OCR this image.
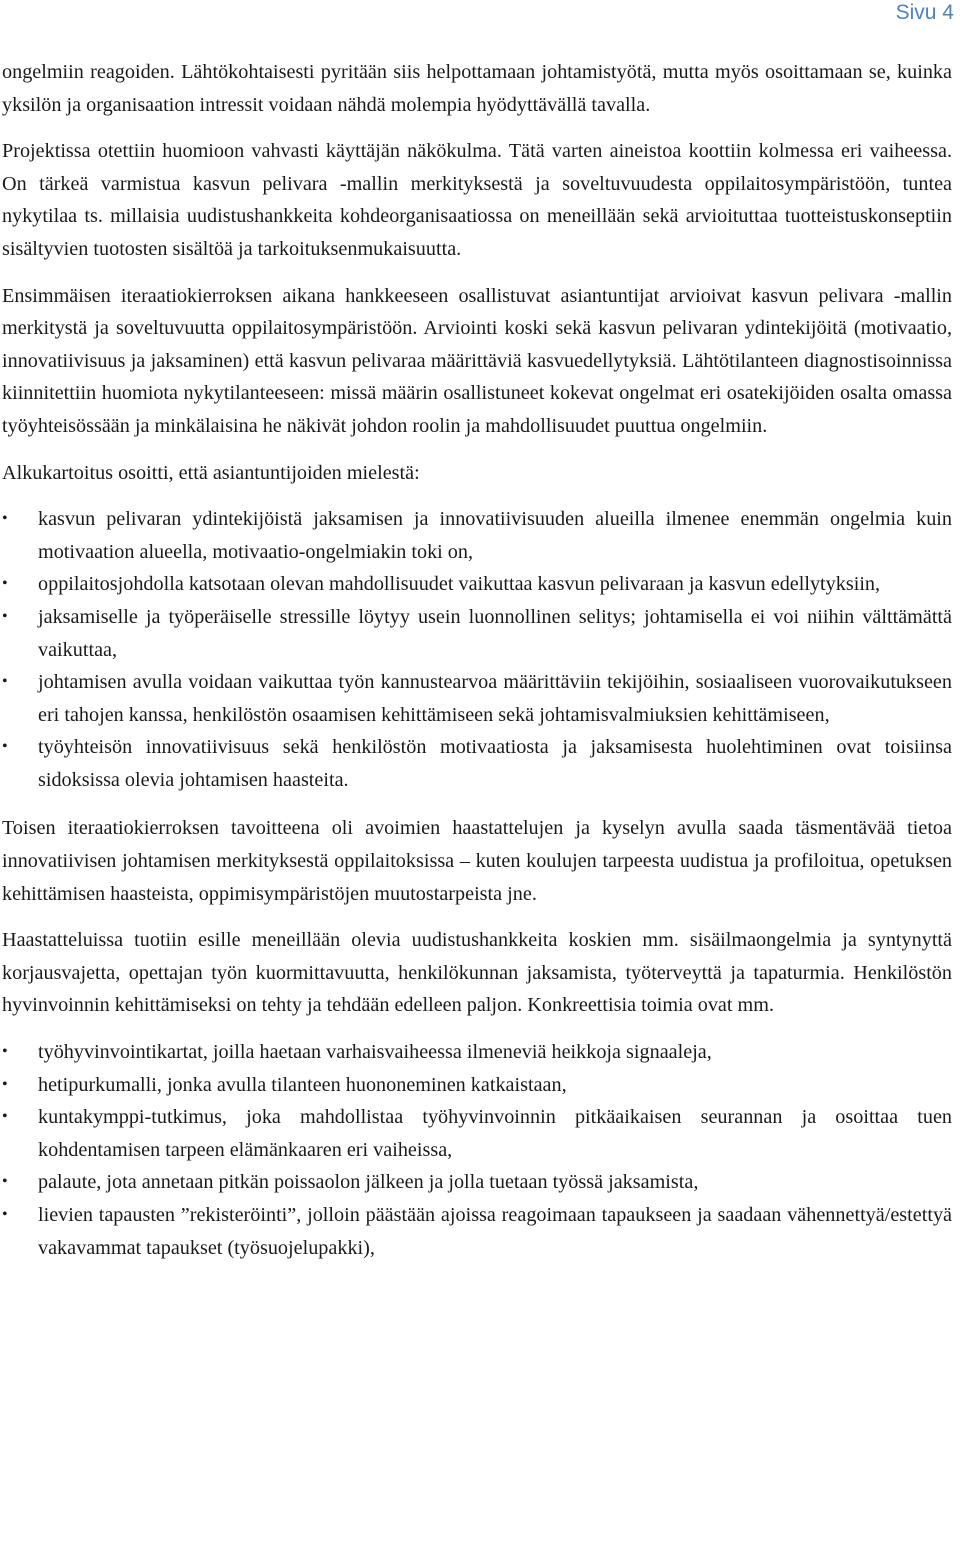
Sivu 4

ongelmiin reagoiden. Lähtökohtaisesti pyritään siis helpottamaan johtamistyötä, mutta myös osoittamaan se, kuinka yksilön ja organisaation intressit voidaan nähdä molempia hyödyttävällä tavalla.

Projektissa otettiin huomioon vahvasti käyttäjän näkökulma. Tätä varten aineistoa koottiin kolmessa eri vaiheessa. On tärkeä varmistua kasvun pelivara -mallin merkityksestä ja soveltuvuudesta oppilaitosympäristöön, tuntea nykytilaa ts. millaisia uudistushankkeita kohdeorganisaatiossa on meneillään sekä arvioituttaa tuotteistuskonseptiin sisältyvien tuotosten sisältöä ja tarkoituksenmukaisuutta.

Ensimmäisen iteraatiokierroksen aikana hankkeeseen osallistuvat asiantuntijat arvioivat kasvun pelivara -mallin merkitystä ja soveltuvuutta oppilaitosympäristöön. Arviointi koski sekä kasvun pelivaran ydintekijöitä (motivaatio, innovatiivisuus ja jaksaminen) että kasvun pelivaraa määrittäviä kasvuedellytyksiä. Lähtötilanteen diagnostisoinnissa kiinnitettiin huomiota nykytilanteeseen: missä määrin osallistuneet kokevat ongelmat eri osatekijöiden osalta omassa työyhteisössään ja minkälaisina he näkivät johdon roolin ja mahdollisuudet puuttua ongelmiin.

Alkukartoitus osoitti, että asiantuntijoiden mielestä:

•	kasvun pelivaran ydintekijöistä jaksamisen ja innovatiivisuuden alueilla ilmenee enemmän ongelmia kuin motivaation alueella, motivaatio-ongelmiakin toki on,
•	oppilaitosjohdolla katsotaan olevan mahdollisuudet vaikuttaa kasvun pelivaraan ja kasvun edellytyksiin,
•	jaksamiselle ja työperäiselle stressille löytyy usein luonnollinen selitys; johtamisella ei voi niihin välttämättä vaikuttaa,
•	johtamisen avulla voidaan vaikuttaa työn kannustearvoa määrittäviin tekijöihin, sosiaaliseen vuorovaikutukseen eri tahojen kanssa, henkilöstön osaamisen kehittämiseen sekä johtamisvalmiuksien kehittämiseen,
•	työyhteisön innovatiivisuus sekä henkilöstön motivaatiosta ja jaksamisesta huolehtiminen ovat toisiinsa sidoksissa olevia johtamisen haasteita.

Toisen iteraatiokierroksen tavoitteena oli avoimien haastattelujen ja kyselyn avulla saada täsmentävää tietoa innovatiivisen johtamisen merkityksestä oppilaitoksissa – kuten koulujen tarpeesta uudistua ja profiloitua, opetuksen kehittämisen haasteista, oppimisympäristöjen muutostarpeista jne.

Haastatteluissa tuotiin esille meneillään olevia uudistushankkeita koskien mm. sisäilmaongelmia ja syntynyttä korjausvajetta, opettajan työn kuormittavuutta, henkilökunnan jaksamista, työterveyttä ja tapaturmia. Henkilöstön hyvinvoinnin kehittämiseksi on tehty ja tehdään edelleen paljon. Konkreettisia toimia ovat mm.

•	työhyvinvointikartat, joilla haetaan varhaisvaiheessa ilmeneviä heikkoja signaaleja,
•	hetipurkumalli, jonka avulla tilanteen huononeminen katkaistaan,
•	kuntakymppi-tutkimus, joka mahdollistaa työhyvinvoinnin pitkäaikaisen seurannan ja osoittaa tuen kohdentamisen tarpeen elämänkaaren eri vaiheissa,
•	palaute, jota annetaan pitkän poissaolon jälkeen ja jolla tuetaan työssä jaksamista,
•	lievien tapausten ”rekisteröinti”, jolloin päästään ajoissa reagoimaan tapaukseen ja saadaan vähennettyä/estettyä vakavammat tapaukset (työsuojelupakki),
